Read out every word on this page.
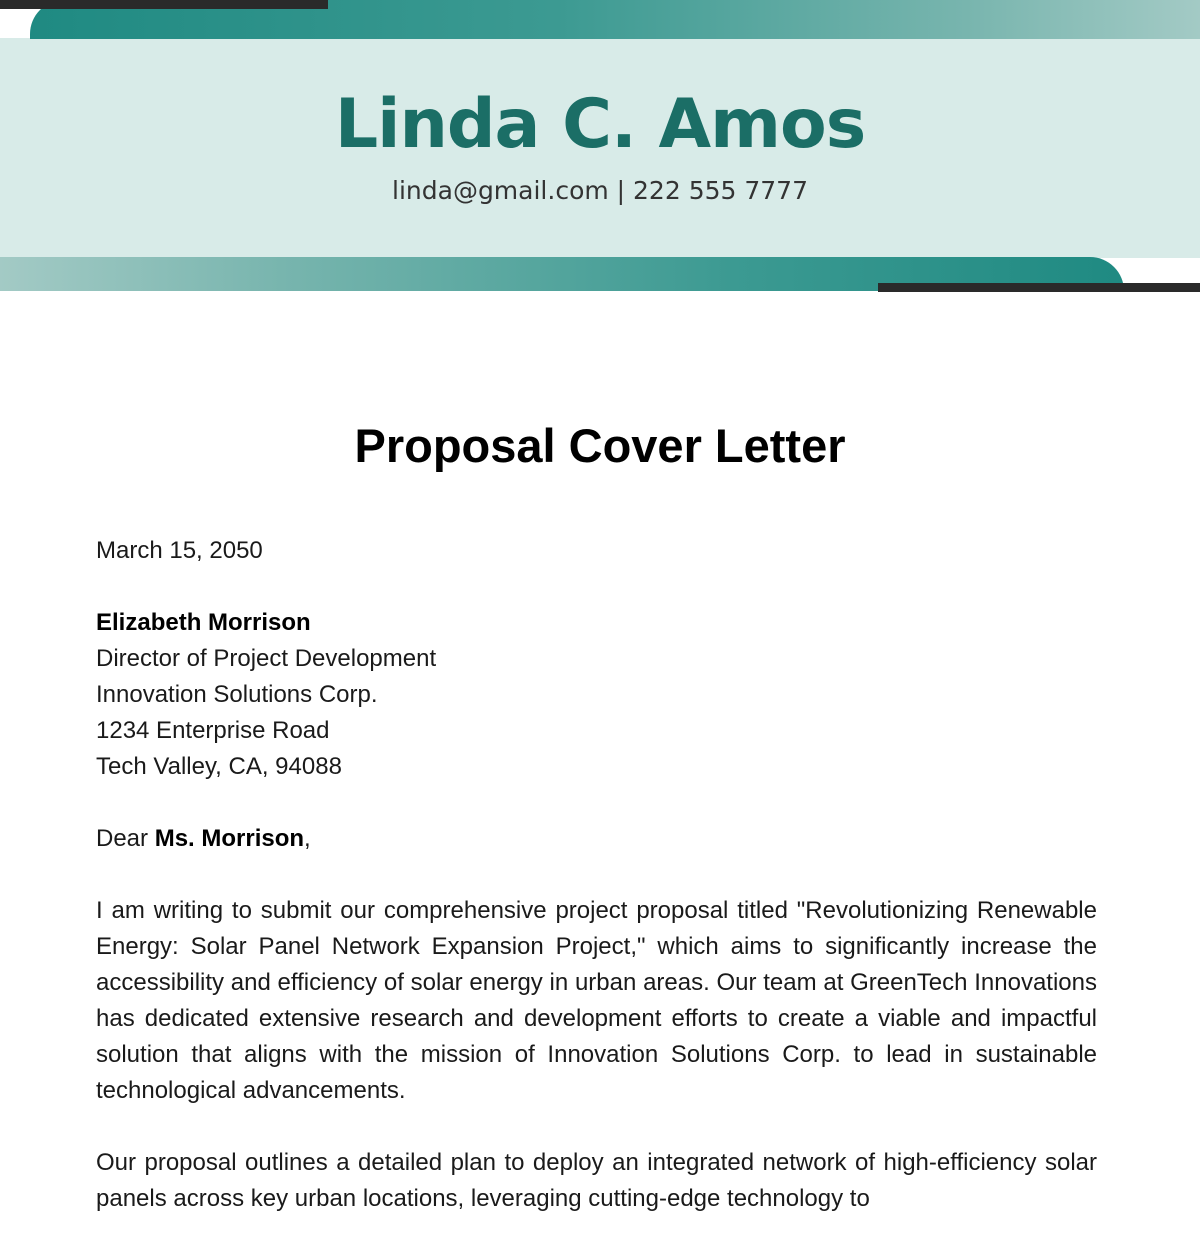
Linda C. Amos
linda@gmail.com | 222 555 7777
Proposal Cover Letter

March 15, 2050

Elizabeth Morrison

Director of Project Development

Innovation Solutions Corp.

1234 Enterprise Road

Tech Valley, CA, 94088

Dear Ms. Morrison,

I am writing to submit our comprehensive project proposal titled "Revolutionizing Renewable Energy: Solar Panel Network Expansion Project," which aims to significantly increase the accessibility and efficiency of solar energy in urban areas. Our team at GreenTech Innovations has dedicated extensive research and development efforts to create a viable and impactful solution that aligns with the mission of Innovation Solutions Corp. to lead in sustainable technological advancements.

Our proposal outlines a detailed plan to deploy an integrated network of high-efficiency solar panels across key urban locations, leveraging cutting-edge technology to
